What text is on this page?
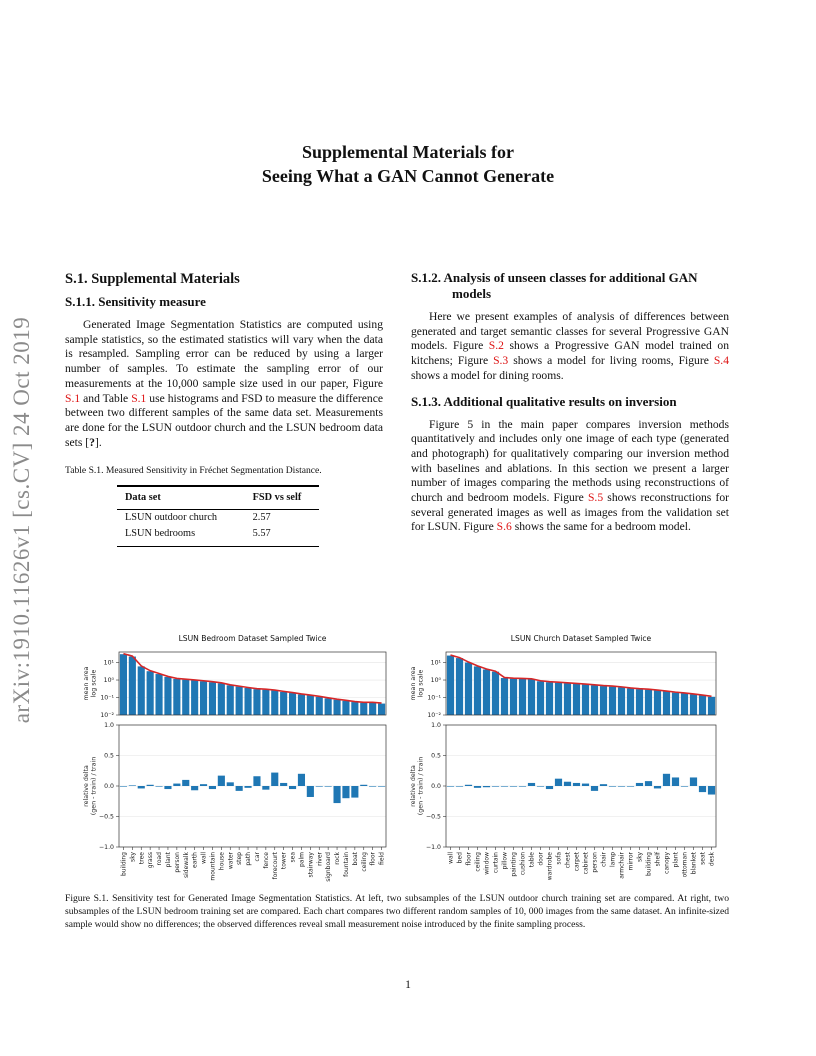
arXiv:1910.11626v1 [cs.CV] 24 Oct 2019
Supplemental Materials for
Seeing What a GAN Cannot Generate
S.1. Supplemental Materials
S.1.1. Sensitivity measure

Generated Image Segmentation Statistics are computed using sample statistics, so the estimated statistics will vary when the data is resampled. Sampling error can be reduced by using a larger number of samples. To estimate the sampling error of our measurements at the 10,000 sample size used in our paper, Figure S.1 and Table S.1 use histograms and FSD to measure the difference between two different samples of the same data set. Measurements are done for the LSUN outdoor church and the LSUN bedroom data sets [?].

Table S.1. Measured Sensitivity in Fréchet Segmentation Distance.
Data set	FSD vs self
LSUN outdoor church	2.57
LSUN bedrooms	5.57
S.1.2. Analysis of unseen classes for additional GAN models

Here we present examples of analysis of differences between generated and target semantic classes for several Progressive GAN models. Figure S.2 shows a Progressive GAN model trained on kitchens; Figure S.3 shows a model for living rooms, Figure S.4 shows a model for dining rooms.

S.1.3. Additional qualitative results on inversion

Figure 5 in the main paper compares inversion methods quantitatively and includes only one image of each type (generated and photograph) for qualitatively comparing our inversion method with baselines and ablations. In this section we present a larger number of images comparing the methods using reconstructions of church and bedroom models. Figure S.5 shows reconstructions for several generated images as well as images from the validation set for LSUN. Figure S.6 shows the same for a bedroom model.

LSUN Bedroom Dataset Sampled Twice
10⁻²
10⁻¹
10⁰
10¹
mean arealog scale
−1.0
−0.5
0.0
0.5
1.0
relative delta(gen - train) / train
building sky tree grass road plant person sidewalk earth wall mountain house water step path car fence forecourt tower sea palm stairway river signboard rock fountain boat ceiling floor field
LSUN Church Dataset Sampled Twice
10⁻²
10⁻¹
10⁰
10¹
mean arealog scale
−1.0
−0.5
0.0
0.5
1.0
relative delta(gen - train) / train
wall bed floor ceiling window curtain pillow painting cushion table door wardrobe sofa chest carpet cabinet person chair lamp armchair mirror sky building shelf canopy plant ottoman blanket seat desk
Figure S.1. Sensitivity test for Generated Image Segmentation Statistics. At left, two subsamples of the LSUN outdoor church training set are compared. At right, two subsamples of the LSUN bedroom training set are compared. Each chart compares two different random samples of 10, 000 images from the same dataset. An infinite-sized sample would show no differences; the observed differences reveal small measurement noise introduced by the finite sampling process.
1
